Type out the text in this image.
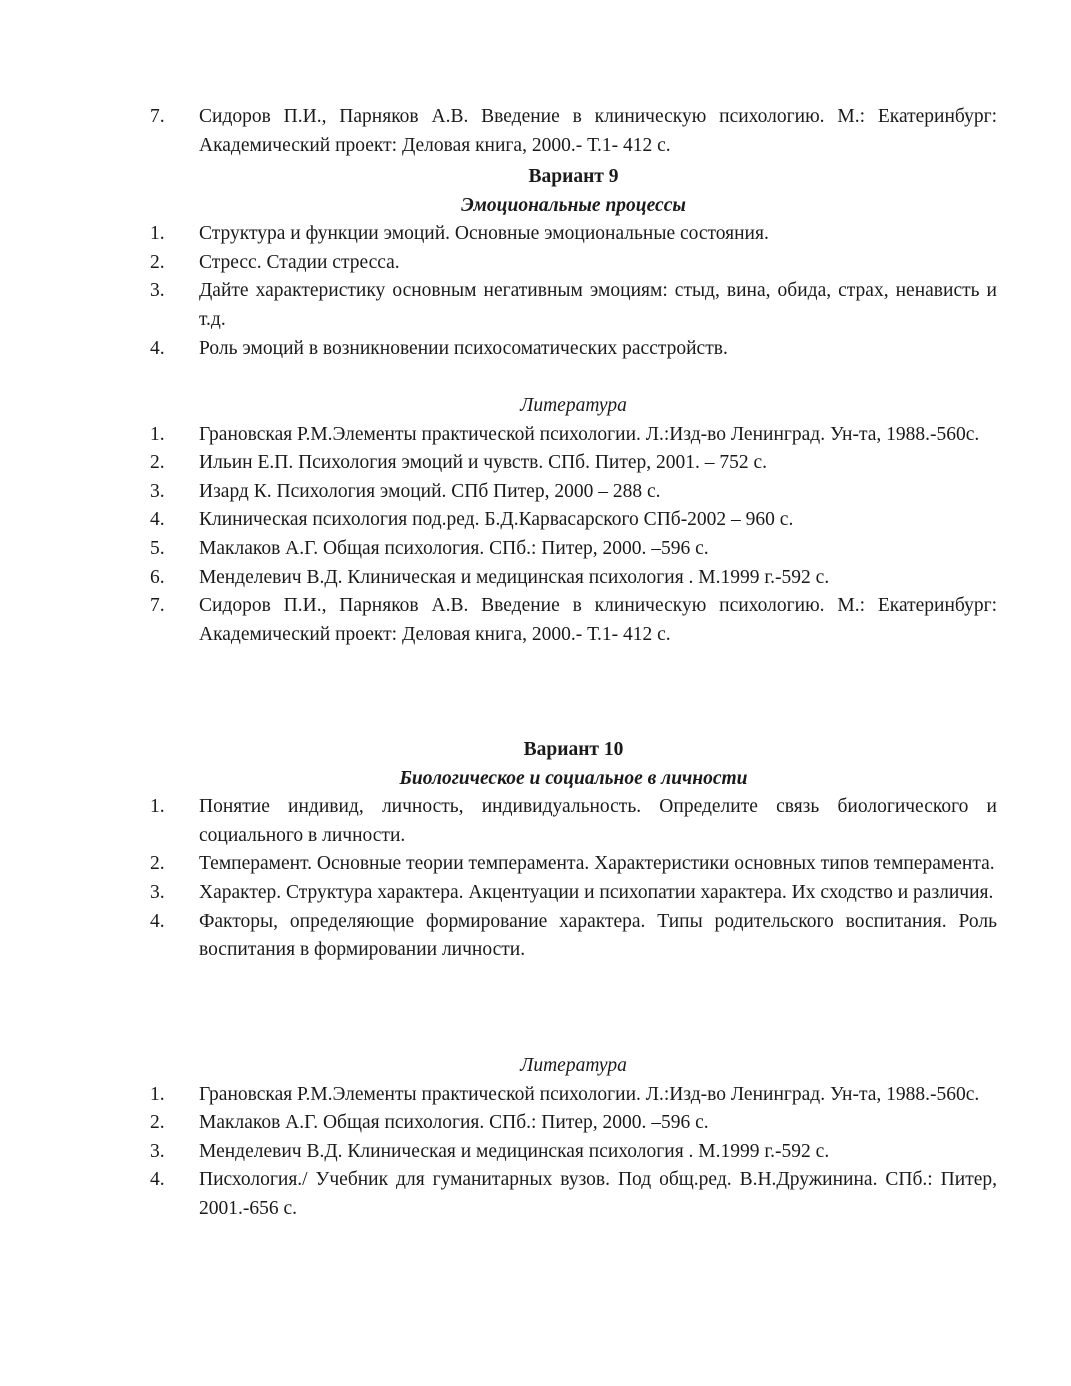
7.	Сидоров П.И., Парняков А.В. Введение в клиническую психологию. М.: Екатеринбург: Академический проект: Деловая книга, 2000.- Т.1- 412 с.
Вариант 9
Эмоциональные процессы
1.	Структура и функции эмоций. Основные эмоциональные состояния.
2.	Стресс. Стадии стресса.
3.	Дайте характеристику основным негативным эмоциям: стыд, вина, обида, страх, ненависть и т.д.
4.	Роль эмоций в возникновении психосоматических расстройств.
Литература
1.	Грановская Р.М.Элементы практической психологии. Л.:Изд-во Ленинград. Ун-та, 1988.-560с.
2.	Ильин Е.П. Психология эмоций и чувств. СПб. Питер, 2001. – 752 с.
3.	Изард К. Психология эмоций. СПб Питер, 2000 – 288 с.
4.	Клиническая психология под.ред. Б.Д.Карвасарского СПб-2002 – 960 с.
5.	Маклаков А.Г. Общая психология. СПб.: Питер, 2000. –596 с.
6.	Менделевич В.Д. Клиническая и медицинская психология . М.1999 г.-592 с.
7.	Сидоров П.И., Парняков А.В. Введение в клиническую психологию. М.: Екатеринбург: Академический проект: Деловая книга, 2000.- Т.1- 412 с.
Вариант 10
Биологическое и социальное в личности
1.	Понятие индивид, личность, индивидуальность. Определите связь биологического и социального в личности.
2.	Темперамент. Основные теории темперамента. Характеристики основных типов темперамента.
3.	Характер. Структура характера. Акцентуации и психопатии характера. Их сходство и различия.
4.	Факторы, определяющие формирование характера. Типы родительского воспитания. Роль воспитания в формировании личности.
Литература
1.	Грановская Р.М.Элементы практической психологии. Л.:Изд-во Ленинград. Ун-та, 1988.-560с.
2.	Маклаков А.Г. Общая психология. СПб.: Питер, 2000. –596 с.
3.	Менделевич В.Д. Клиническая и медицинская психология . М.1999 г.-592 с.
4.	Писхология./ Учебник для гуманитарных вузов. Под общ.ред. В.Н.Дружинина. СПб.: Питер, 2001.-656 с.
